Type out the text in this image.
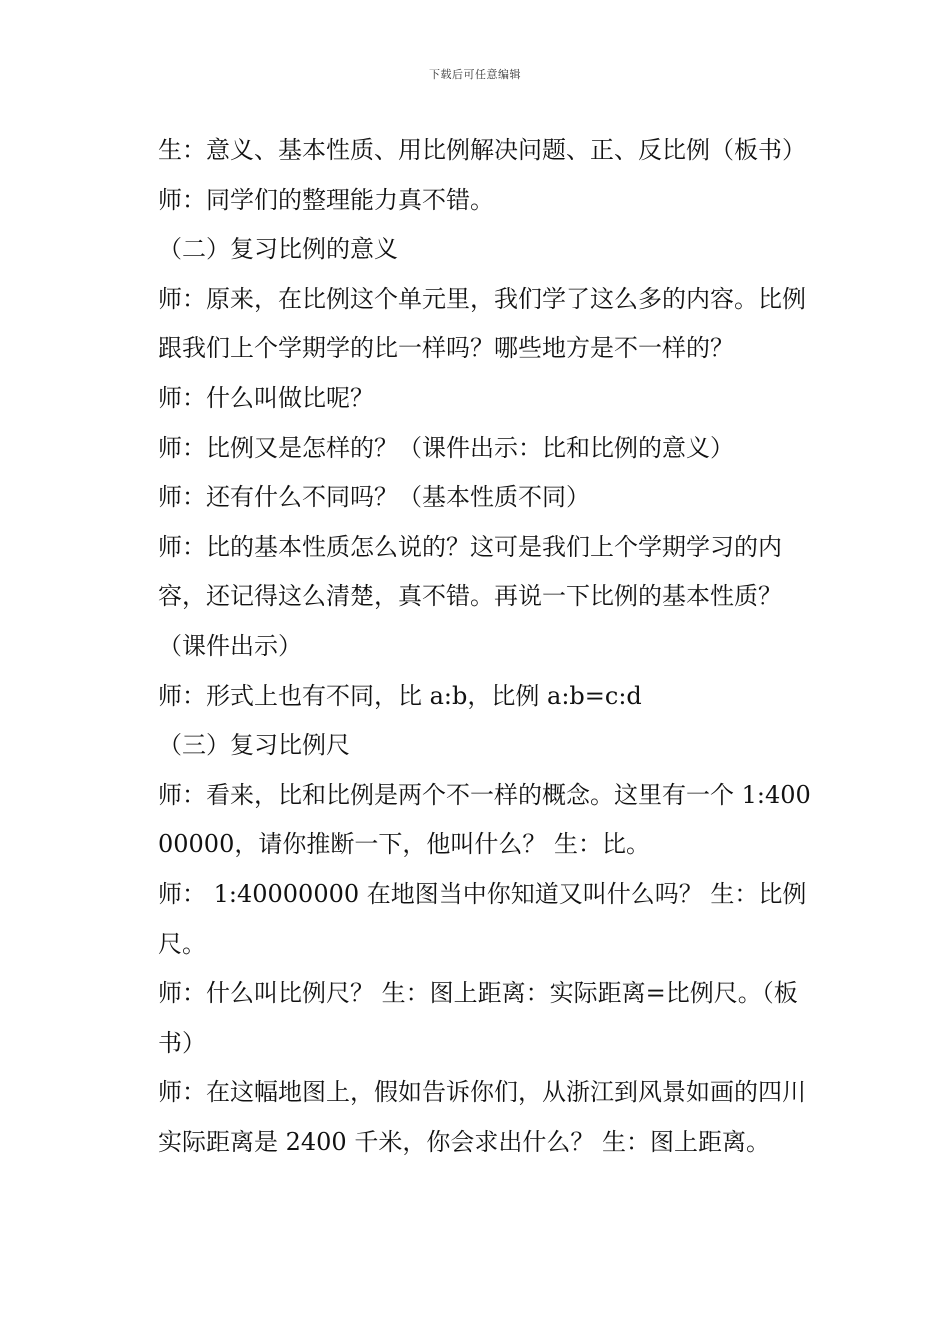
下载后可任意编辑

生：意义、基本性质、用比例解决问题、正、反比例（板书）

师：同学们的整理能力真不错。

（二）复习比例的意义

师：原来，在比例这个单元里，我们学了这么多的内容。比例跟我们上个学期学的比一样吗？哪些地方是不一样的？

师：什么叫做比呢？

师：比例又是怎样的？（课件出示：比和比例的意义）

师：还有什么不同吗？（基本性质不同）

师：比的基本性质怎么说的？这可是我们上个学期学习的内容，还记得这么清楚，真不错。再说一下比例的基本性质？（课件出示）

师：形式上也有不同，比 a:b，比例 a:b=c:d

（三）复习比例尺

师：看来，比和比例是两个不一样的概念。这里有一个 1:40000000，请你推断一下，他叫什么？ 生：比。

师： 1:40000000 在地图当中你知道又叫什么吗？ 生：比例尺。

师：什么叫比例尺？ 生：图上距离：实际距离=比例尺。（板书）

师：在这幅地图上，假如告诉你们，从浙江到风景如画的四川实际距离是 2400 千米，你会求出什么？ 生：图上距离。
